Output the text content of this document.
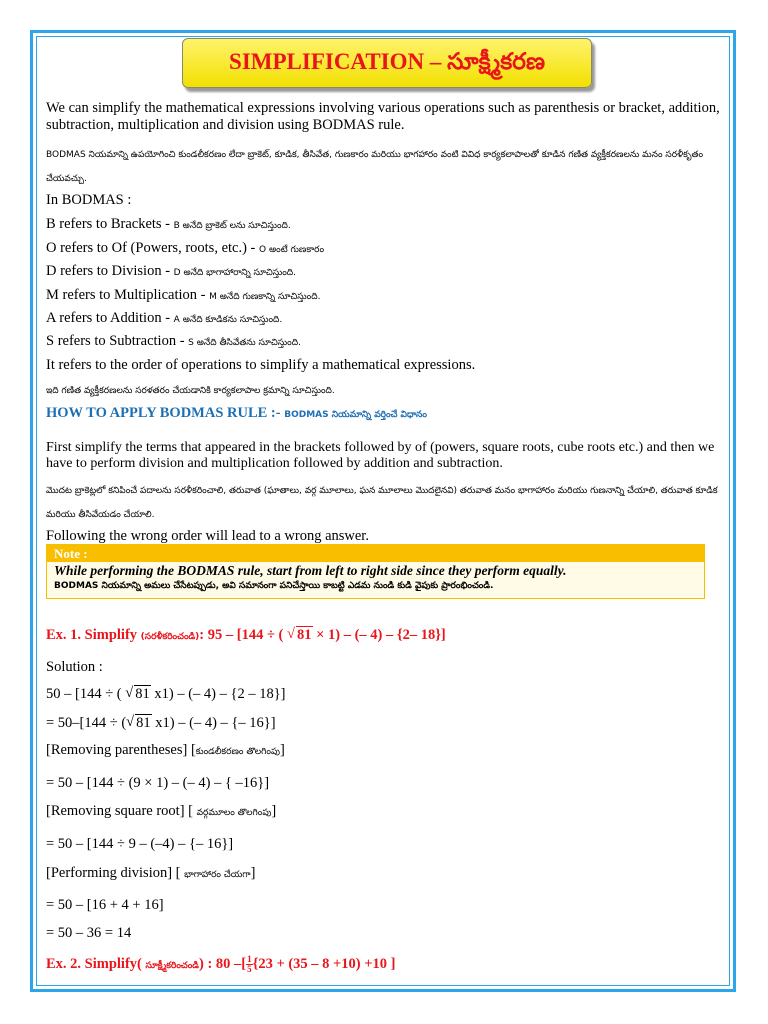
SIMPLIFICATION – సూక్ష్మీకరణ
We can simplify the mathematical expressions involving various operations such as parenthesis or bracket, addition, subtraction, multiplication and division using BODMAS rule.
BODMAS నియమాన్ని ఉపయోగించి కుండలీకరణం లేదా బ్రాకెట్, కూడిక, తీసివేత, గుణకారం మరియు భాగహారం వంటి వివిధ కార్యకలాపాలతో కూడిన గణిత వ్యక్తీకరణలను మనం సరళీకృతం చేయవచ్చు.
In BODMAS :
B refers to Brackets - B అనేది బ్రాకెట్ లను సూచిస్తుంది.
O refers to Of (Powers, roots, etc.) - O అంటే గుణకారం
D refers to Division - D అనేది భాగాహారాన్ని సూచిస్తుంది.
M refers to Multiplication - M అనేది గుణకాన్ని సూచిస్తుంది.
A refers to Addition - A అనేది కూడికను సూచిస్తుంది.
S refers to Subtraction - S అనేది తీసివేతను సూచిస్తుంది.
It refers to the order of operations to simplify a mathematical expressions.
ఇది గణిత వ్యక్తీకరణలను సరళతరం చేయడానికి కార్యకలాపాల క్రమాన్ని సూచిస్తుంది.
HOW TO APPLY BODMAS RULE :- BODMAS నియమాన్ని వర్తించే విధానం
First simplify the terms that appeared in the brackets followed by of (powers, square roots, cube roots etc.) and then we have to perform division and multiplication followed by addition and subtraction.
మొదట బ్రాకెట్లలో కనిపించే పదాలను సరళీకరించాలి, తరువాత (ఘాతాలు, వర్గ మూలాలు, ఘన మూలాలు మొదలైనవి) తరువాత మనం భాగాహారం మరియు గుణనాన్ని చేయాలి, తరువాత కూడిక మరియు తీసివేయడం చేయాలి.
Following the wrong order will lead to a wrong answer.
Note :
While performing the BODMAS rule, start from left to right side since they perform equally.
BODMAS నియమాన్ని అమలు చేసేటప్పుడు, అవి సమానంగా పనిచేస్తాయి కాబట్టి ఎడమ నుండి కుడి వైపుకు ప్రారంభించండి.
Ex. 1. Simplify (సరళీకరించండి): 95 – [144 ÷ ( √ 81 × 1) – (– 4) – {2– 18}]
Solution :
50 – [144 ÷ ( √ 81 x1) – (– 4) – {2 – 18}]
= 50–[144 ÷ (√ 81 x1) – (– 4) – {– 16}]
[Removing parentheses] [కుండలీకరణం తొలగింపు]
= 50 – [144 ÷ (9 × 1) – (– 4) – { –16}]
[Removing square root] [ వర్గమూలం తొలగింపు]
= 50 – [144 ÷ 9 – (–4) – {– 16}]
[Performing division] [ భాగాహారం చేయగా]
= 50 – [16 + 4 + 16]
= 50 – 36 = 14
Ex. 2. Simplify( సూక్ష్మీకరించండి) : 80 –[ $\frac{1}{5} \{23 + (35 - 8 +10) +10$ ]
